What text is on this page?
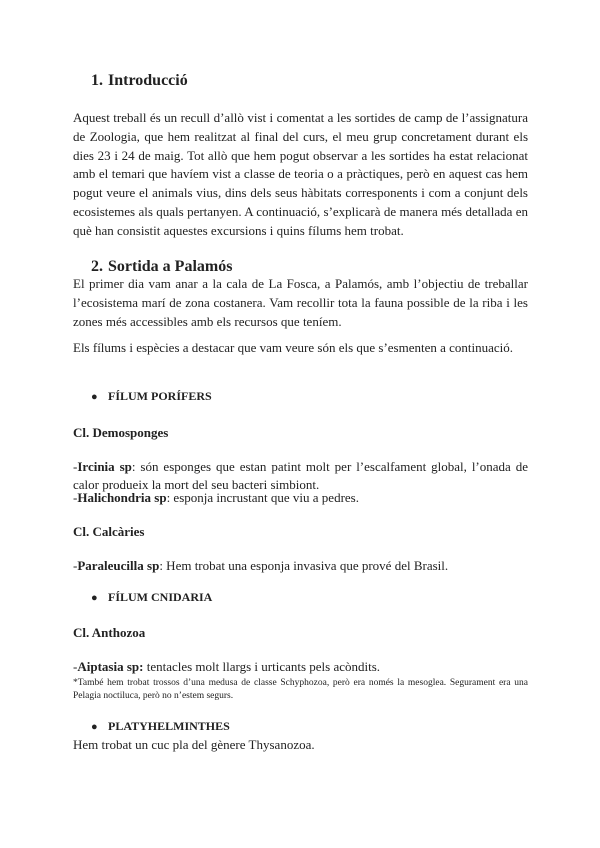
1. Introducció

Aquest treball és un recull d’allò vist i comentat a les sortides de camp de l’assignatura de Zoologia, que hem realitzat al final del curs, el meu grup concretament durant els dies 23 i 24 de maig. Tot allò que hem pogut observar a les sortides ha estat relacionat amb el temari que havíem vist a classe de teoria o a pràctiques, però en aquest cas hem pogut veure el animals vius, dins dels seus hàbitats corresponents i com a conjunt dels ecosistemes als quals pertanyen. A continuació, s’explicarà de manera més detallada en què han consistit aquestes excursions i quins fílums hem trobat.

2. Sortida a Palamós

El primer dia vam anar a la cala de La Fosca, a Palamós, amb l’objectiu de treballar l’ecosistema marí de zona costanera. Vam recollir tota la fauna possible de la riba i les zones més accessibles amb els recursos que teníem.

Els fílums i espècies a destacar que vam veure són els que s’esmenten a continuació.

● FÍLUM PORÍFERS
Cl. Demosponges
-Ircinia sp: són esponges que estan patint molt per l’escalfament global, l’onada de calor produeix la mort del seu bacteri simbiont.
-Halichondria sp: esponja incrustant que viu a pedres.
Cl. Calcàries
-Paraleucilla sp: Hem trobat una esponja invasiva que prové del Brasil.
● FÍLUM CNIDARIA
Cl. Anthozoa
-Aiptasia sp: tentacles molt llargs i urticants pels acòndits.

*També hem trobat trossos d’una medusa de classe Schyphozoa, però era només la mesoglea. Segurament era una Pelagia noctiluca, però no n’estem segurs.

● PLATYHELMINTHES
Hem trobat un cuc pla del gènere Thysanozoa.
